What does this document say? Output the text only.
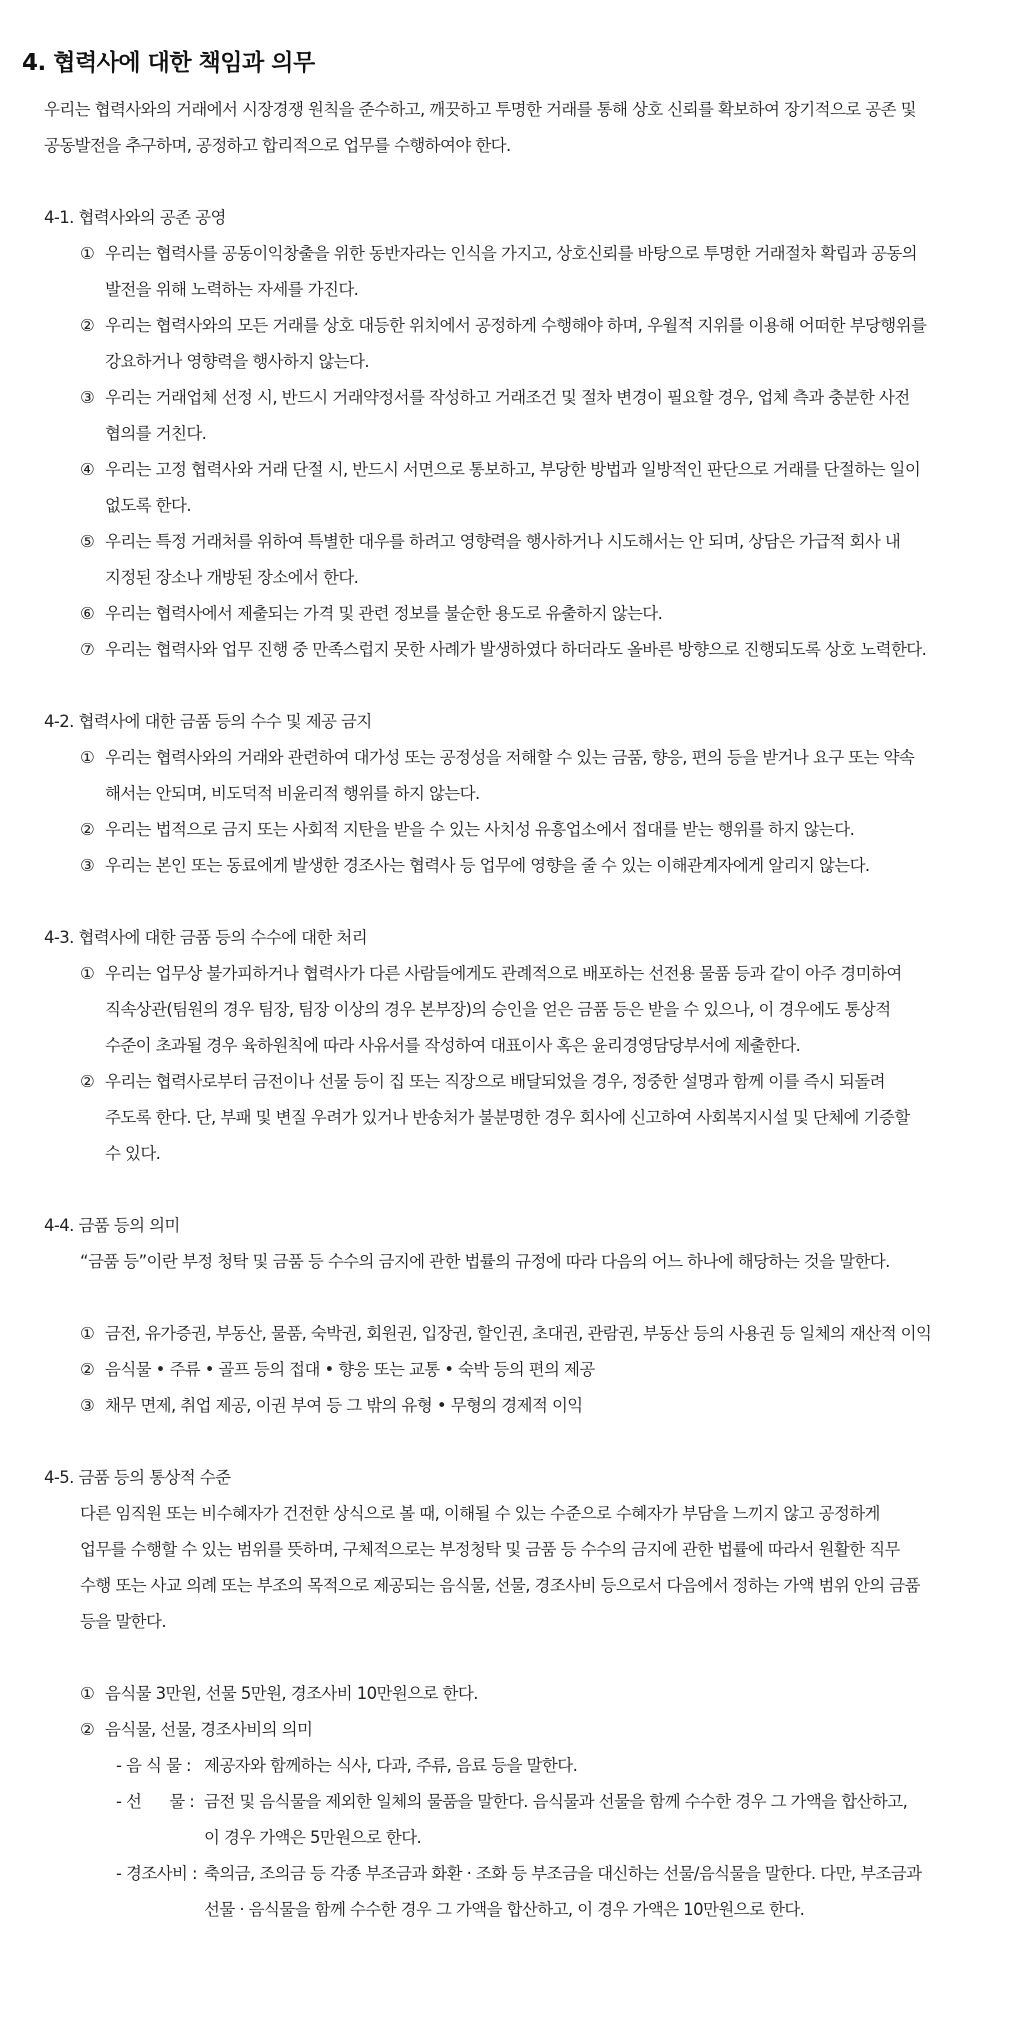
4. 협력사에 대한 책임과 의무

우리는 협력사와의 거래에서 시장경쟁 원칙을 준수하고, 깨끗하고 투명한 거래를 통해 상호 신뢰를 확보하여 장기적으로 공존 및

공동발전을 추구하며, 공정하고 합리적으로 업무를 수행하여야 한다.

4-1. 협력사와의 공존 공영

① 우리는 협력사를 공동이익창출을 위한 동반자라는 인식을 가지고, 상호신뢰를 바탕으로 투명한 거래절차 확립과 공동의
발전을 위해 노력하는 자세를 가진다.
② 우리는 협력사와의 모든 거래를 상호 대등한 위치에서 공정하게 수행해야 하며, 우월적 지위를 이용해 어떠한 부당행위를
강요하거나 영향력을 행사하지 않는다.
③ 우리는 거래업체 선정 시, 반드시 거래약정서를 작성하고 거래조건 및 절차 변경이 필요할 경우, 업체 측과 충분한 사전
협의를 거친다.
④ 우리는 고정 협력사와 거래 단절 시, 반드시 서면으로 통보하고, 부당한 방법과 일방적인 판단으로 거래를 단절하는 일이
없도록 한다.
⑤ 우리는 특정 거래처를 위하여 특별한 대우를 하려고 영향력을 행사하거나 시도해서는 안 되며, 상담은 가급적 회사 내
지정된 장소나 개방된 장소에서 한다.
⑥ 우리는 협력사에서 제출되는 가격 및 관련 정보를 불순한 용도로 유출하지 않는다.
⑦ 우리는 협력사와 업무 진행 중 만족스럽지 못한 사례가 발생하였다 하더라도 올바른 방향으로 진행되도록 상호 노력한다.

4-2. 협력사에 대한 금품 등의 수수 및 제공 금지

① 우리는 협력사와의 거래와 관련하여 대가성 또는 공정성을 저해할 수 있는 금품, 향응, 편의 등을 받거나 요구 또는 약속
해서는 안되며, 비도덕적 비윤리적 행위를 하지 않는다.
② 우리는 법적으로 금지 또는 사회적 지탄을 받을 수 있는 사치성 유흥업소에서 접대를 받는 행위를 하지 않는다.
③ 우리는 본인 또는 동료에게 발생한 경조사는 협력사 등 업무에 영향을 줄 수 있는 이해관계자에게 알리지 않는다.

4-3. 협력사에 대한 금품 등의 수수에 대한 처리

① 우리는 업무상 불가피하거나 협력사가 다른 사람들에게도 관례적으로 배포하는 선전용 물품 등과 같이 아주 경미하여
직속상관(팀원의 경우 팀장, 팀장 이상의 경우 본부장)의 승인을 얻은 금품 등은 받을 수 있으나, 이 경우에도 통상적
수준이 초과될 경우 육하원칙에 따라 사유서를 작성하여 대표이사 혹은 윤리경영담당부서에 제출한다.
② 우리는 협력사로부터 금전이나 선물 등이 집 또는 직장으로 배달되었을 경우, 정중한 설명과 함께 이를 즉시 되돌려
주도록 한다. 단, 부패 및 변질 우려가 있거나 반송처가 불분명한 경우 회사에 신고하여 사회복지시설 및 단체에 기증할
수 있다.

4-4. 금품 등의 의미

“금품 등”이란 부정 청탁 및 금품 등 수수의 금지에 관한 법률의 규정에 따라 다음의 어느 하나에 해당하는 것을 말한다.

① 금전, 유가증권, 부동산, 물품, 숙박권, 회원권, 입장권, 할인권, 초대권, 관람권, 부동산 등의 사용권 등 일체의 재산적 이익
② 음식물 • 주류 • 골프 등의 접대 • 향응 또는 교통 • 숙박 등의 편의 제공
③ 채무 면제, 취업 제공, 이권 부여 등 그 밖의 유형 • 무형의 경제적 이익

4-5. 금품 등의 통상적 수준

다른 임직원 또는 비수혜자가 건전한 상식으로 볼 때, 이해될 수 있는 수준으로 수혜자가 부담을 느끼지 않고 공정하게

업무를 수행할 수 있는 범위를 뜻하며, 구체적으로는 부정청탁 및 금품 등 수수의 금지에 관한 법률에 따라서 원활한 직무

수행 또는 사교 의례 또는 부조의 목적으로 제공되는 음식물, 선물, 경조사비 등으로서 다음에서 정하는 가액 범위 안의 금품

등을 말한다.

① 음식물 3만원, 선물 5만원, 경조사비 10만원으로 한다.
② 음식물, 선물, 경조사비의 의미
- 음 식 물 : 제공자와 함께하는 식사, 다과, 주류, 음료 등을 말한다.
- 선      물 : 금전 및 음식물을 제외한 일체의 물품을 말한다. 음식물과 선물을 함께 수수한 경우 그 가액을 합산하고,
이 경우 가액은 5만원으로 한다.
- 경조사비 : 축의금, 조의금 등 각종 부조금과 화환 · 조화 등 부조금을 대신하는 선물/음식물을 말한다. 다만, 부조금과
선물 · 음식물을 함께 수수한 경우 그 가액을 합산하고, 이 경우 가액은 10만원으로 한다.
